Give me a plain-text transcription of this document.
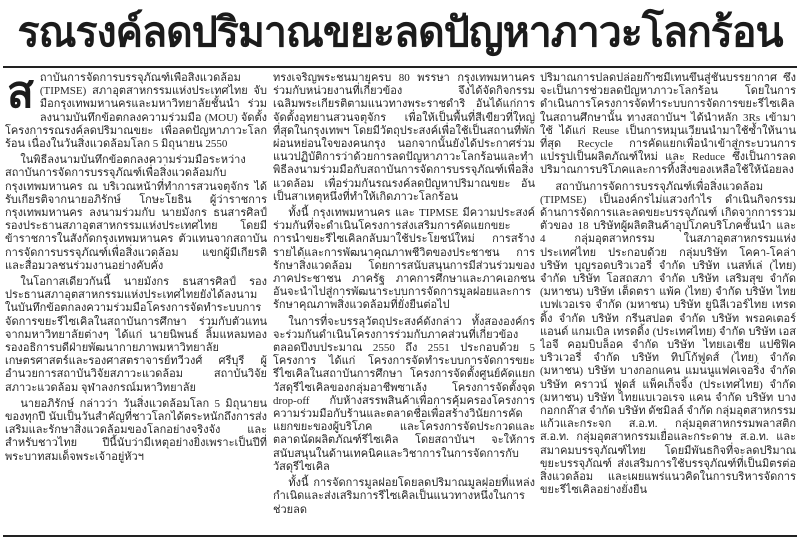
รณรงค์ลดปริมาณขยะลดปัญหาภาวะโลกร้อน
ส ถาบันการจัดการบรรจุภัณฑ์เพื่อสิ่งแวดล้อม (TIPMSE) สภาอุตสาหกรรมแห่งประเทศไทย จับมือกรุงเทพมหานครและมหาวิทยาลัยชั้นนำ ร่วมลงนามบันทึกข้อตกลงความร่วมมือ (MOU) จัดตั้งโครงการรณรงค์ลดปริมาณขยะ เพื่อลดปัญหาภาวะโลกร้อน เนื่องในวันสิ่งแวดล้อมโลก 5 มิถุนายน 2550

ในพิธีลงนามบันทึกข้อตกลงความร่วมมือระหว่างสถาบันการจัดการบรรจุภัณฑ์เพื่อสิ่งแวดล้อมกับกรุงเทพมหานคร ณ บริเวณหน้าที่ทำการสวนจตุจักร ได้รับเกียรติจากนายอภิรักษ์ โกษะโยธิน ผู้ว่าราชการกรุงเทพมหานคร ลงนามร่วมกับ นายมังกร ธนสารศิลป์ รองประธานสภาอุตสาหกรรมแห่งประเทศไทย โดยมีข้าราชการในสังกัดกรุงเทพมหานคร ตัวแทนจากสถาบันการจัดการบรรจุภัณฑ์เพื่อสิ่งแวดล้อม แขกผู้มีเกียรติ และสื่อมวลชนร่วมงานอย่างคับคั่ง

ในโอกาสเดียวกันนี้ นายมังกร ธนสารศิลป์ รองประธานสภาอุตสาหกรรมแห่งประเทศไทยยังได้ลงนามในบันทึกข้อตกลงความร่วมมือโครงการจัดทำระบบการจัดการขยะรีไซเคิลในสถาบันการศึกษา ร่วมกับตัวแทนจากมหาวิทยาลัยต่างๆ ได้แก่ นายนิพนธ์ ลิ้มแหลมทอง รองอธิการบดีฝ่ายพัฒนากายภาพมหาวิทยาลัยเกษตรศาสตร์และรองศาสตราจารย์ทวีวงศ์ ศรีบุรี ผู้อำนวยการสถาบันวิจัยสภาวะแวดล้อม สถาบันวิจัยสภาวะแวดล้อม จุฬาลงกรณ์มหาวิทยาลัย

นายอภิรักษ์ กล่าวว่า วันสิ่งแวดล้อมโลก 5 มิถุนายนของทุกปี นับเป็นวันสำคัญที่ชาวโลกได้ตระหนักถึงการส่งเสริมและรักษาสิ่งแวดล้อมของโลกอย่างจริงจัง และสำหรับชาวไทย ปีนี้นับว่ามีเหตุอย่างยิ่งเพราะเป็นปีที่พระบาทสมเด็จพระเจ้าอยู่หัวฯ

ทรงเจริญพระชนมายุครบ 80 พรรษา กรุงเทพมหานคร ร่วมกับหน่วยงานที่เกี่ยวข้อง จึงได้จัดกิจกรรมเฉลิมพระเกียรติตามแนวทางพระราชดำริ อันได้แก่การจัดตั้งอุทยานสวนจตุจักร เพื่อให้เป็นพื้นที่สีเขียวที่ใหญ่ที่สุดในกรุงเทพฯ โดยมีวัตถุประสงค์เพื่อใช้เป็นสถานที่พักผ่อนหย่อนใจของคนกรุง นอกจากนั้นยังได้ประกาศร่วมแนวปฏิบัติการว่าด้วยการลดปัญหาภาวะโลกร้อนและทำพิธีลงนามร่วมมือกับสถาบันการจัดการบรรจุภัณฑ์เพื่อสิ่งแวดล้อม เพื่อร่วมกันรณรงค์ลดปัญหาปริมาณขยะ อันเป็นสาเหตุหนึ่งที่ทำให้เกิดภาวะโลกร้อน

ทั้งนี้ กรุงเทพมหานคร และ TIPMSE มีความประสงค์ร่วมกันที่จะดำเนินโครงการส่งเสริมการคัดแยกขยะ การนำขยะรีไซเคิลกลับมาใช้ประโยชน์ใหม่ การสร้างรายได้และการพัฒนาคุณภาพชีวิตของประชาชน การรักษาสิ่งแวดล้อม โดยการสนับสนุนการมีส่วนร่วมของภาคประชาชน ภาครัฐ ภาคการศึกษาและภาคเอกชน อันจะนำไปสู่การพัฒนาระบบการจัดการมูลฝอยและการรักษาคุณภาพสิ่งแวดล้อมที่ยั่งยืนต่อไป

ในการที่จะบรรลุวัตถุประสงค์ดังกล่าว ทั้งสององค์กรจะร่วมกันดำเนินโครงการร่วมกับภาคส่วนที่เกี่ยวข้องตลอดปีงบประมาณ 2550 ถึง 2551 ประกอบด้วย 5 โครงการ ได้แก่ โครงการจัดทำระบบการจัดการขยะรีไซเคิลในสถาบันการศึกษา โครงการจัดตั้งศูนย์คัดแยกวัสดุรีไซเคิลของกลุ่มอาชีพซาเล้ง โครงการจัดตั้งจุด drop-off กับห้างสรรพสินค้าเพื่อการคุ้มครองโครงการความร่วมมือกับร้านและตลาดชื่อเพื่อสร้างวินัยการคัดแยกขยะของผู้บริโภค และโครงการจัดประกวดและตลาดนัดผลิตภัณฑ์รีไซเคิล โดยสถาบันฯ จะให้การสนับสนุนในด้านเทคนิคและวิชาการในการจัดการกับวัสดุรีไซเคิล

ทั้งนี้ การจัดการมูลฝอยโดยลดปริมาณมูลฝอยที่แหล่งกำเนิดและส่งเสริมการรีไซเคิลเป็นแนวทางหนึ่งในการช่วยลด

ปริมาณการปลดปล่อยก๊าซมีเทนขึ้นสู่ชั้นบรรยากาศ ซึ่งจะเป็นการช่วยลดปัญหาภาวะโลกร้อน โดยในการดำเนินการโครงการจัดทำระบบการจัดการขยะรีไซเคิลในสถานศึกษานั้น ทางสถาบันฯ ได้นำหลัก 3Rs เข้ามาใช้ ได้แก่ Reuse เป็นการหมุนเวียนนำมาใช้ซ้ำให้นานที่สุด Recycle การคัดแยกเพื่อนำเข้าสู่กระบวนการแปรรูปเป็นผลิตภัณฑ์ใหม่ และ Reduce ซึ่งเป็นการลดปริมาณการบริโภคและการทิ้งสิ่งของเหลือใช้ให้น้อยลง

สถาบันการจัดการบรรจุภัณฑ์เพื่อสิ่งแวดล้อม (TIPMSE) เป็นองค์กรไม่แสวงกำไร ดำเนินกิจกรรมด้านการจัดการและลดขยะบรรจุภัณฑ์ เกิดจากการรวมตัวของ 18 บริษัทผู้ผลิตสินค้าอุปโภคบริโภคชั้นนำ และ 4 กลุ่มอุตสาหกรรม ในสภาอุตสาหกรรมแห่งประเทศไทย ประกอบด้วย กลุ่มบริษัท โคคา-โคล่า บริษัท บุญรอดบริวเวอรี่ จำกัด บริษัท เนสท์เล่ (ไทย) จำกัด บริษัท โอสถสภา จำกัด บริษัท เสริมสุข จำกัด (มหาชน) บริษัท เต็ดตรา แพ้ค (ไทย) จำกัด บริษัท ไทยเบฟเวอเรจ จำกัด (มหาชน) บริษัท ยูนิลีเวอร์ไทย เทรดดิ้ง จำกัด บริษัท กรีนสปอต จำกัด บริษัท พรอคเตอร์ แอนด์ แกมเบิล เทรดดิ้ง (ประเทศไทย) จำกัด บริษัท เอสไอจี คอมบิบล็อค จำกัด บริษัท ไทยเอเชีย แปซิฟิค บริวเวอรี่ จำกัด บริษัท ทิปโก้ฟูดส์ (ไทย) จำกัด (มหาชน) บริษัท บางกอกแคน แมนนูแฟคเจอริ่ง จำกัด บริษัท คราวน์ ฟูดส์ แพ็คเก็จจิ้ง (ประเทศไทย) จำกัด (มหาชน) บริษัท ไทยแบเวอเรจ แคน จำกัด บริษัท บางกอกกล๊าส จำกัด บริษัท ดัชมิลล์ จำกัด กลุ่มอุตสาหกรรมแก้วและกระจก ส.อ.ท. กลุ่มอุตสาหกรรมพลาสติก ส.อ.ท. กลุ่มอุตสาหกรรมเยื่อและกระดาษ ส.อ.ท. และสมาคมบรรจุภัณฑ์ไทย โดยมีพันธกิจที่จะลดปริมาณขยะบรรจุภัณฑ์ ส่งเสริมการใช้บรรจุภัณฑ์ที่เป็นมิตรต่อสิ่งแวดล้อม และเผยแพร่แนวคิดในการบริหารจัดการขยะรีไซเคิลอย่างยั่งยืน
